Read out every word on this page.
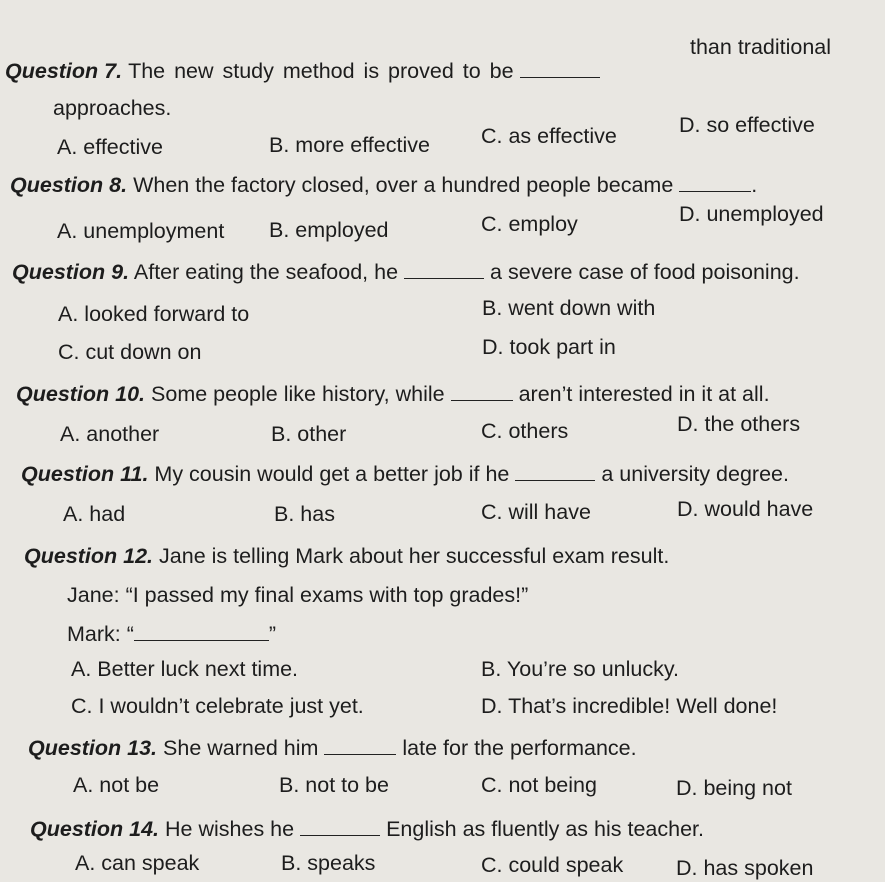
Question 7. The new study method is proved to be
than traditional
approaches.
A. effective	B. more effective C. as effective	D. so effective
Question 8. When the factory closed, over a hundred people became	.
A. unemployment B. employed	C. employ	D. unemployed
Question 9. After eating the seafood, he	a severe case of food poisoning.
A. looked forward to	B. went down with
C. cut down on	D. took part in
Question 10. Some people like history, while	aren’t interested in it at all.
A. another	B. other	C. others	D. the others
Question 11. My cousin would get a better job if he	a university degree.
A. had	B. has	C. will have	D. would have
Question 12. Jane is telling Mark about her successful exam result.
Jane: “I passed my final exams with top grades!”
Mark: “	”
A. Better luck next time.	B. You’re so unlucky.
C. I wouldn’t celebrate just yet.	D. That’s incredible! Well done!
Question 13. She warned him	late for the performance.
A. not be	B. not to be	C. not being	D. being not
Question 14. He wishes he	English as fluently as his teacher.
A. can speak	B. speaks	C. could speak D. has spoken
